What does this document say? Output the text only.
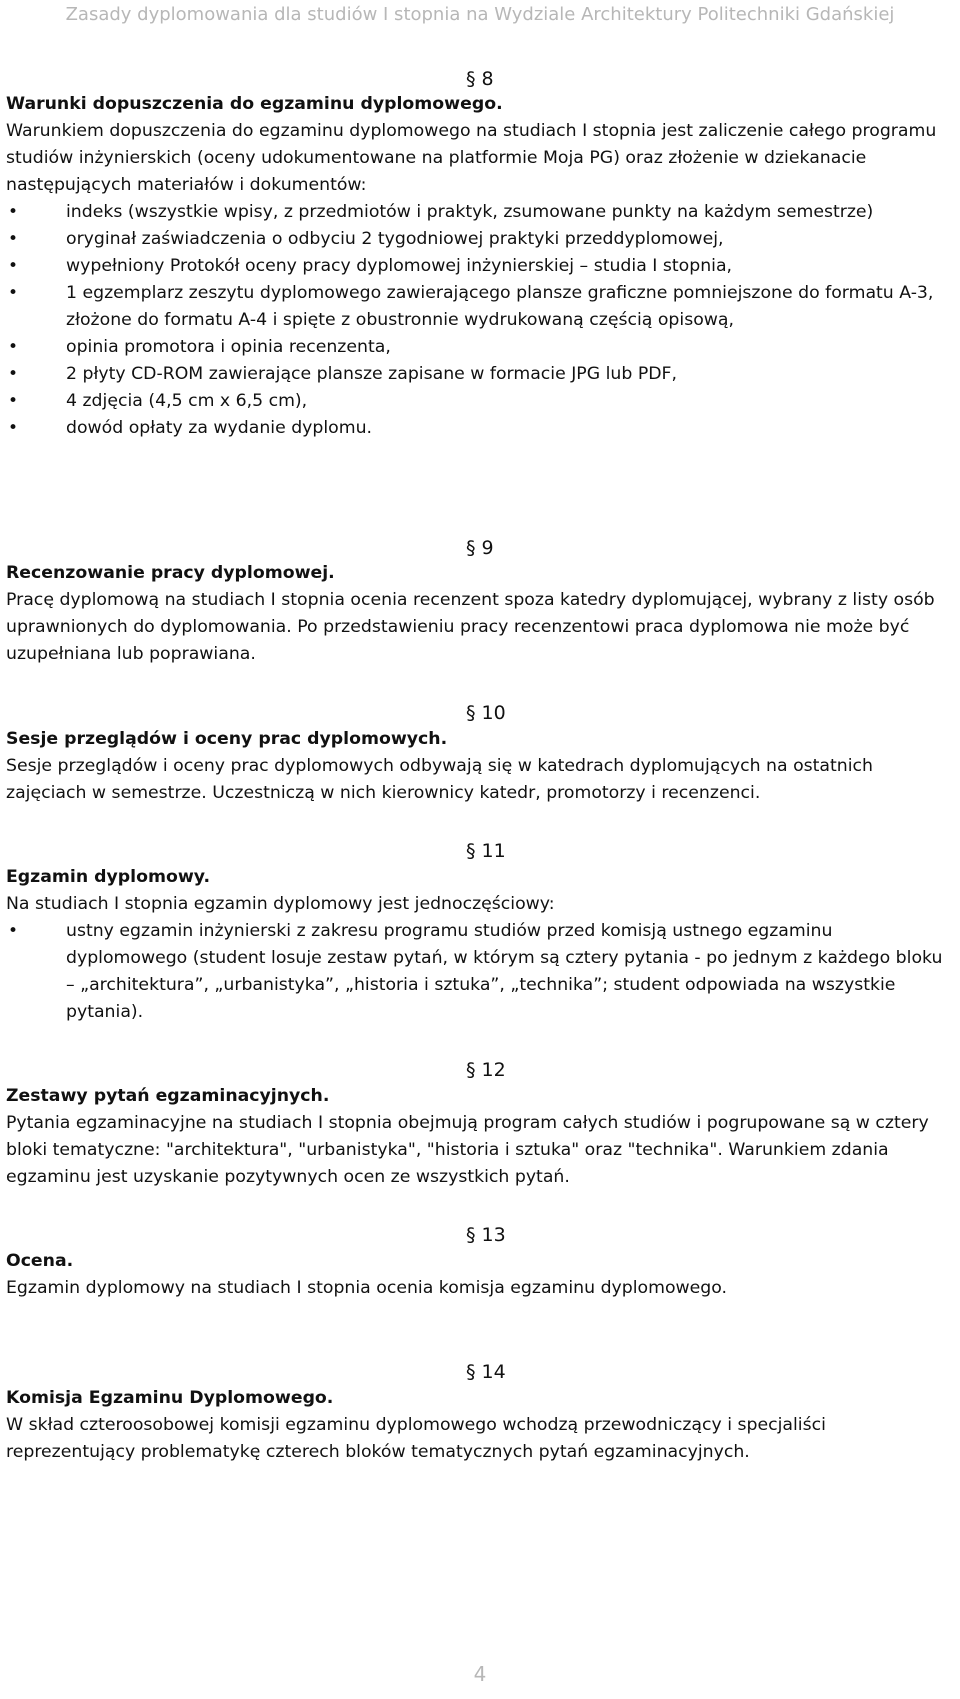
Zasady dyplomowania dla studiów I stopnia na Wydziale Architektury Politechniki Gdańskiej
§ 8

Warunki dopuszczenia do egzaminu dyplomowego.

Warunkiem dopuszczenia do egzaminu dyplomowego na studiach I stopnia jest zaliczenie całego programu studiów inżynierskich (oceny udokumentowane na platformie Moja PG) oraz złożenie w dziekanacie następujących materiałów i dokumentów:

•	indeks (wszystkie wpisy, z przedmiotów i praktyk, zsumowane punkty na każdym semestrze)
•	oryginał zaświadczenia o odbyciu 2 tygodniowej praktyki przeddyplomowej,
•	wypełniony Protokół oceny pracy dyplomowej inżynierskiej – studia I stopnia,
•	1 egzemplarz zeszytu dyplomowego zawierającego plansze graficzne pomniejszone do formatu A-3, złożone do formatu A-4 i spięte z obustronnie wydrukowaną częścią opisową,
•	opinia promotora i opinia recenzenta,
•	2 płyty CD-ROM zawierające plansze zapisane w formacie JPG lub PDF,
•	4 zdjęcia (4,5 cm x 6,5 cm),
•	dowód opłaty za wydanie dyplomu.
§ 9

Recenzowanie pracy dyplomowej.

Pracę dyplomową na studiach I stopnia ocenia recenzent spoza katedry dyplomującej, wybrany z listy osób uprawnionych do dyplomowania. Po przedstawieniu pracy recenzentowi praca dyplomowa nie może być uzupełniana lub poprawiana.

§ 10

Sesje przeglądów i oceny prac dyplomowych.

Sesje przeglądów i oceny prac dyplomowych odbywają się w katedrach dyplomujących na ostatnich zajęciach w semestrze. Uczestniczą w nich kierownicy katedr, promotorzy i recenzenci.

§ 11

Egzamin dyplomowy.

Na studiach I stopnia egzamin dyplomowy jest jednoczęściowy:

•	ustny egzamin inżynierski z zakresu programu studiów przed komisją ustnego egzaminu dyplomowego (student losuje zestaw pytań, w którym są cztery pytania - po jednym z każdego bloku – „architektura”, „urbanistyka”, „historia i sztuka”, „technika”; student odpowiada na wszystkie pytania).
§ 12

Zestawy pytań egzaminacyjnych.

Pytania egzaminacyjne na studiach I stopnia obejmują program całych studiów i pogrupowane są w cztery bloki tematyczne: "architektura", "urbanistyka", "historia i sztuka" oraz "technika". Warunkiem zdania egzaminu jest uzyskanie pozytywnych ocen ze wszystkich pytań.

§ 13

Ocena.

Egzamin dyplomowy na studiach I stopnia ocenia komisja egzaminu dyplomowego.

§ 14

Komisja Egzaminu Dyplomowego.

W skład czteroosobowej komisji egzaminu dyplomowego wchodzą przewodniczący i specjaliści reprezentujący problematykę czterech bloków tematycznych pytań egzaminacyjnych.

4
